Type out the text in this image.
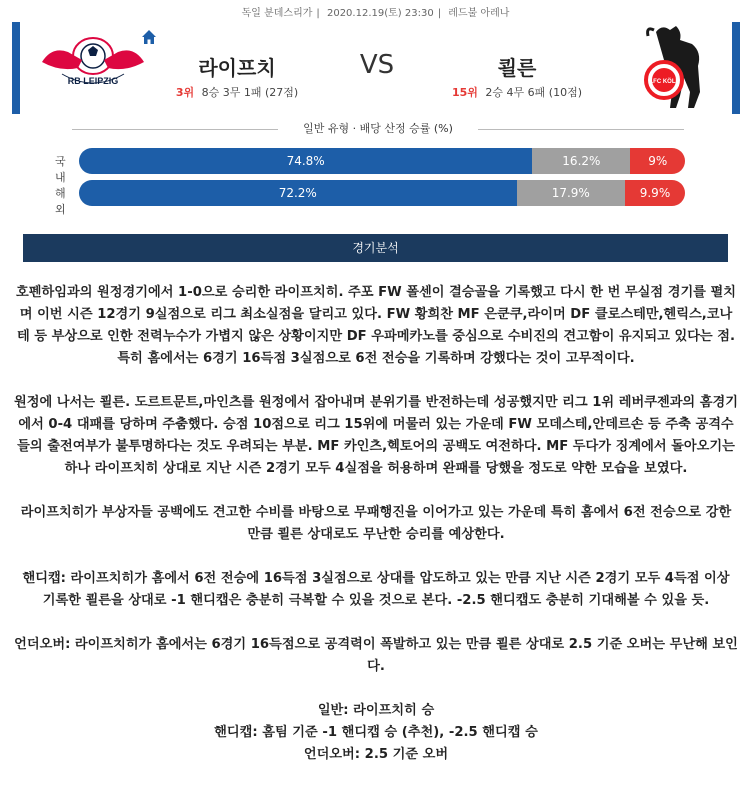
독일 분데스리가 | 2020.12.19(토) 23:30 | 레드불 아레나
RB LEIPZIG
라이프치	VS	쾰른
3위 8승 3무 1패 (27점)	15위 2승 4무 6패 (10점)
1.FC KÖLN
일반 유형 · 배당 산정 승률 (%)
국내
74.8%	16.2%	9%
해외
72.2%	17.9%	9.9%
경기분석

호펜하임과의 원정경기에서 1-0으로 승리한 라이프치히. 주포 FW 폴센이 결승골을 기록했고 다시 한 번 무실점 경기를 펼치며 이번 시즌 12경기 9실점으로 리그 최소실점을 달리고 있다. FW 황희찬 MF 은쿤쿠,라이머 DF 클로스테만,헨릭스,코나테 등 부상으로 인한 전력누수가 가볍지 않은 상황이지만 DF 우파메카노를 중심으로 수비진의 견고함이 유지되고 있다는 점. 특히 홈에서는 6경기 16득점 3실점으로 6전 전승을 기록하며 강했다는 것이 고무적이다.

원정에 나서는 쾰른. 도르트문트,마인츠를 원정에서 잡아내며 분위기를 반전하는데 성공했지만 리그 1위 레버쿠젠과의 홈경기에서 0-4 대패를 당하며 주춤했다. 승점 10점으로 리그 15위에 머물러 있는 가운데 FW 모데스테,안데르손 등 주축 공격수들의 출전여부가 불투명하다는 것도 우려되는 부분. MF 카인츠,헥토어의 공백도 여전하다. MF 두다가 징계에서 돌아오기는 하나 라이프치히 상대로 지난 시즌 2경기 모두 4실점을 허용하며 완패를 당했을 정도로 약한 모습을 보였다.

라이프치히가 부상자들 공백에도 견고한 수비를 바탕으로 무패행진을 이어가고 있는 가운데 특히 홈에서 6전 전승으로 강한 만큼 쾰른 상대로도 무난한 승리를 예상한다.

핸디캡: 라이프치히가 홈에서 6전 전승에 16득점 3실점으로 상대를 압도하고 있는 만큼 지난 시즌 2경기 모두 4득점 이상 기록한 쾰른을 상대로 -1 핸디캡은 충분히 극복할 수 있을 것으로 본다. -2.5 핸디캡도 충분히 기대해볼 수 있을 듯.

언더오버: 라이프치히가 홈에서는 6경기 16득점으로 공격력이 폭발하고 있는 만큼 쾰른 상대로 2.5 기준 오버는 무난해 보인다.

일반: 라이프치히 승
핸디캡: 홈팀 기준 -1 핸디캡 승 (추천), -2.5 핸디캡 승
언더오버: 2.5 기준 오버
